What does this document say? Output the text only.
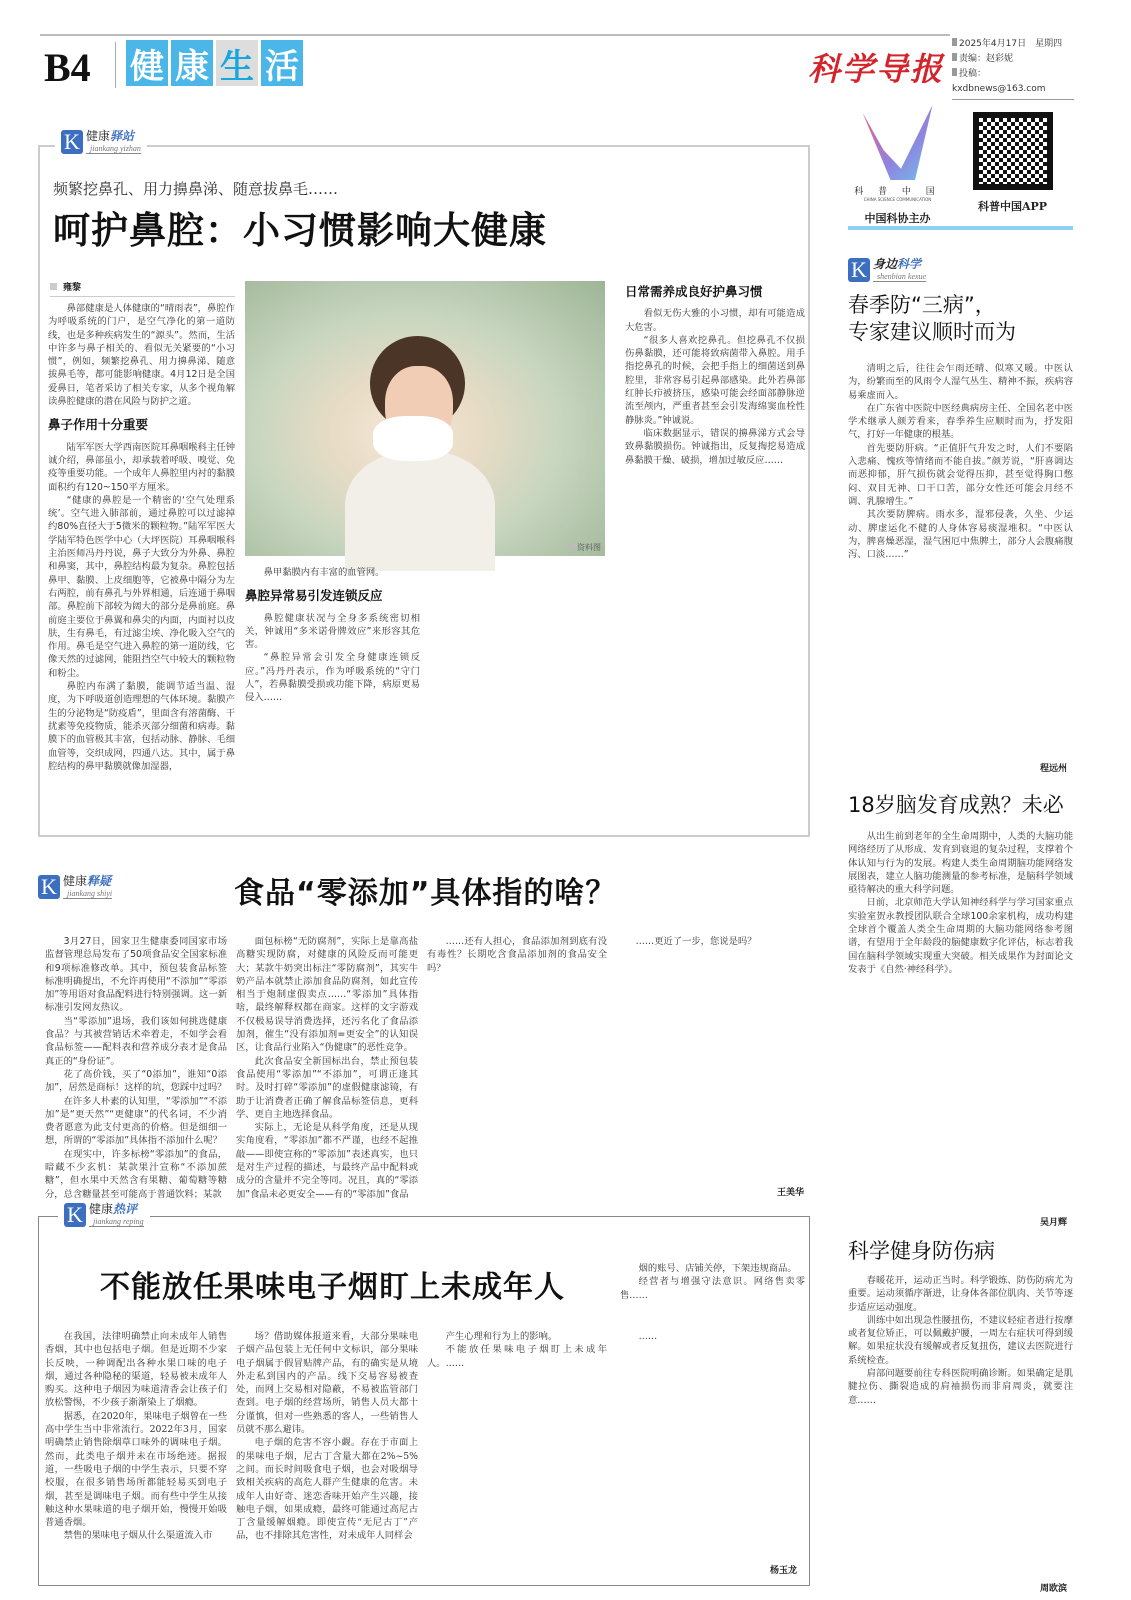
B4 健 康 生 活	科学导报
2025年4月17日　星期四
责编：赵彩妮
投稿：kxdbnews@163.com
科 普 中 国
CHINA SCIENCE COMMUNICATION
中国科协主办
科普中国APP
K 健康驿站
jiankang yizhan
频繁挖鼻孔、用力擤鼻涕、随意拔鼻毛……
呵护鼻腔：小习惯影响大健康
雍黎

鼻部健康是人体健康的“晴雨表”，鼻腔作为呼吸系统的门户，是空气净化的第一道防线，也是多种疾病发生的“源头”。然而，生活中许多与鼻子相关的、看似无关紧要的“小习惯”，例如，频繁挖鼻孔、用力擤鼻涕、随意拔鼻毛等，都可能影响健康。4月12日是全国爱鼻日，笔者采访了相关专家，从多个视角解读鼻腔健康的潜在风险与防护之道。

鼻子作用十分重要

陆军军医大学西南医院耳鼻咽喉科主任钟诚介绍，鼻部虽小，却承载着呼吸、嗅觉、免疫等重要功能。一个成年人鼻腔里内衬的黏膜面积约有120~150平方厘米。

“健康的鼻腔是一个精密的‘空气处理系统’。空气进入肺部前，通过鼻腔可以过滤掉约80%直径大于5微米的颗粒物。”陆军军医大学陆军特色医学中心（大坪医院）耳鼻咽喉科主治医师冯丹丹说，鼻子大致分为外鼻、鼻腔和鼻窦，其中，鼻腔结构最为复杂。鼻腔包括鼻甲、黏膜、上皮细胞等，它被鼻中隔分为左右两腔，前有鼻孔与外界相通，后连通于鼻咽部。鼻腔前下部较为阔大的部分是鼻前庭。鼻前庭主要位于鼻翼和鼻尖的内面，内面衬以皮肤，生有鼻毛，有过滤尘埃、净化吸入空气的作用。鼻毛是空气进入鼻腔的第一道防线，它像天然的过滤网，能阻挡空气中较大的颗粒物和粉尘。

鼻腔内布满了黏膜，能调节适当温、湿度，为下呼吸道创造理想的气体环境。黏膜产生的分泌物是“防疫盾”，里面含有溶菌酶、干扰素等免疫物质，能杀灭部分细菌和病毒。黏膜下的血管极其丰富，包括动脉、静脉、毛细血管等，交织成网，四通八达。其中，属于鼻腔结构的鼻甲黏膜就像加湿器，

资料图

鼻甲黏膜内有丰富的血管网。

鼻腔异常易引发连锁反应

鼻腔健康状况与全身多系统密切相关，钟诚用“多米诺骨牌效应”来形容其危害。

“鼻腔异常会引发全身健康连锁反应。”冯丹丹表示，作为呼吸系统的“守门人”，若鼻黏膜受损或功能下降，病原更易侵入……

日常需养成良好护鼻习惯

看似无伤大雅的小习惯，却有可能造成大危害。

“很多人喜欢挖鼻孔。但挖鼻孔不仅损伤鼻黏膜，还可能将致病菌带入鼻腔。用手指挖鼻孔的时候，会把手指上的细菌送到鼻腔里，非常容易引起鼻部感染。此外若鼻部红肿长疖被挤压，感染可能会经面部静脉逆流至颅内，严重者甚至会引发海绵窦血栓性静脉炎。”钟诚说。

临床数据显示，错误的擤鼻涕方式会导致鼻黏膜损伤。钟诚指出，反复掏挖易造成鼻黏膜干燥、破损，增加过敏反应……

K 健康释疑
jiankang shiyi	食品“零添加”具体指的啥？

3月27日，国家卫生健康委同国家市场监督管理总局发布了50项食品安全国家标准和9项标准修改单。其中，预包装食品标签标准明确提出，不允许再使用“不添加”“零添加”等用语对食品配料进行特别强调。这一新标准引发网友热议。

当“零添加”退场，我们该如何挑选健康食品？与其被营销话术牵着走，不如学会看食品标签——配料表和营养成分表才是食品真正的“身份证”。

花了高价钱，买了“0添加”，谁知“0添加”，居然是商标！这样的坑，您踩中过吗？

在许多人朴素的认知里，“零添加”“不添加”是“更天然”“更健康”的代名词，不少消费者愿意为此支付更高的价格。但是细细一想，所谓的“零添加”具体指不添加什么呢？

在现实中，许多标榜“零添加”的食品，暗藏不少玄机：某款果汁宣称“不添加蔗糖”，但水果中天然含有果糖、葡萄糖等糖分，总含糖量甚至可能高于普通饮料；某款

面包标榜“无防腐剂”，实际上是靠高盐高糖实现防腐，对健康的风险反而可能更大；某款牛奶突出标注“零防腐剂”，其实牛奶产品本就禁止添加食品防腐剂，如此宣传相当于炮制虚假卖点……“零添加”具体指啥，最终解释权都在商家。这样的文字游戏不仅极易误导消费选择，还污名化了食品添加剂，催生“没有添加剂=更安全”的认知误区，让食品行业陷入“伪健康”的恶性竞争。

此次食品安全新国标出台，禁止预包装食品使用“零添加”“不添加”，可谓正逢其时。及时打碎“零添加”的虚假健康滤镜，有助于让消费者正确了解食品标签信息，更科学、更自主地选择食品。

实际上，无论是从科学角度，还是从现实角度看，“零添加”都不严谨，也经不起推敲——即使宣称的“零添加”表述真实，也只是对生产过程的描述，与最终产品中配料或成分的含量并不完全等同。况且，真的“零添加”食品未必更安全——有的“零添加”食品

……还有人担心，食品添加剂到底有没有毒性？长期吃含食品添加剂的食品安全吗？

……更近了一步，您说是吗？

王美华
K 健康热评
jiankang reping
不能放任果味电子烟盯上未成年人

烟的账号、店铺关停，下架违规商品。

经营者与增强守法意识。网络售卖零售……

在我国，法律明确禁止向未成年人销售香烟，其中也包括电子烟。但是近期不少家长反映，一种调配出各种水果口味的电子烟，通过各种隐秘的渠道，轻易被未成年人购买。这种电子烟因为味道清香会让孩子们放松警惕，不少孩子渐渐染上了烟瘾。

据悉，在2020年，果味电子烟曾在一些高中学生当中非常流行。2022年3月，国家明确禁止销售除烟草口味外的调味电子烟。然而，此类电子烟并未在市场绝迹。据报道，一些吸电子烟的中学生表示，只要不穿校服，在很多销售场所都能轻易买到电子烟，甚至是调味电子烟。而有些中学生从接触这种水果味道的电子烟开始，慢慢开始吸普通香烟。

禁售的果味电子烟从什么渠道流入市

场？借助媒体报道来看，大部分果味电子烟产品包装上无任何中文标识，部分果味电子烟属于假冒贴牌产品，有的确实是从境外走私到国内的产品。线下交易容易被查处，而网上交易相对隐蔽，不易被监管部门查到。电子烟的经营场所，销售人员大都十分谨慎，但对一些熟悉的客人，一些销售人员就不那么避讳。

电子烟的危害不容小觑。存在于市面上的果味电子烟，尼古丁含量大都在2%~5%之间。而长时间吸食电子烟，也会对吸烟导致相关疾病的高危人群产生健康的危害。未成年人由好奇、迷恋香味开始产生兴趣，接触电子烟，如果成瘾，最终可能通过高尼古丁含量缓解烟瘾。即使宣传“无尼古丁”产品，也不排除其危害性，对未成年人同样会

产生心理和行为上的影响。

不能放任果味电子烟盯上未成年人。……

……

杨玉龙
K 身边科学
shenbian kexue
春季防“三病”，
专家建议顺时而为

清明之后，往往会乍雨还晴、似寒又暖。中医认为，纷繁而至的风雨令人湿气丛生、精神不振，疾病容易乘虚而入。

在广东省中医院中医经典病房主任、全国名老中医学术继承人颜芳看来，春季养生应顺时而为，抒发阳气，打好一年健康的根基。

首先要防肝病。“正值肝气升发之时，人们不要陷入悲痛、愧疚等情绪而不能自拔。”颜芳说，“肝喜调达而恶抑郁，肝气损伤就会觉得压抑，甚至觉得胸口憋闷、双目无神、口干口苦，部分女性还可能会月经不调、乳腺增生。”

其次要防脾病。雨水多，湿邪侵袭，久坐、少运动、脾虚运化不健的人身体容易痰湿堆积。“中医认为，脾喜燥恶湿，湿气困厄中焦脾土，部分人会腹痛腹泻、口淡……”

程远州
18岁脑发育成熟？未必

从出生前到老年的全生命周期中，人类的大脑功能网络经历了从形成、发育到衰退的复杂过程，支撑着个体认知与行为的发展。构建人类生命周期脑功能网络发展图表，建立人脑功能测量的参考标准，是脑科学领域亟待解决的重大科学问题。

日前，北京师范大学认知神经科学与学习国家重点实验室贺永教授团队联合全球100余家机构，成功构建全球首个覆盖人类全生命周期的大脑功能网络参考图谱，有望用于全年龄段的脑健康数字化评估，标志着我国在脑科学领域实现重大突破。相关成果作为封面论文发表于《自然·神经科学》。

吴月辉
科学健身防伤病

春暖花开，运动正当时。科学锻炼、防伤防病尤为重要。运动须循序渐进，让身体各部位肌肉、关节等逐步适应运动强度。

训练中如出现急性腰扭伤，不建议轻症者进行按摩或者复位矫正，可以佩戴护腰，一周左右症状可得到缓解。如果症状没有缓解或者反复扭伤，建议去医院进行系统检查。

肩部问题要前往专科医院明确诊断。如果确定是肌腱拉伤、撕裂造成的肩袖损伤而非肩周炎，就要注意……

周欧滨
